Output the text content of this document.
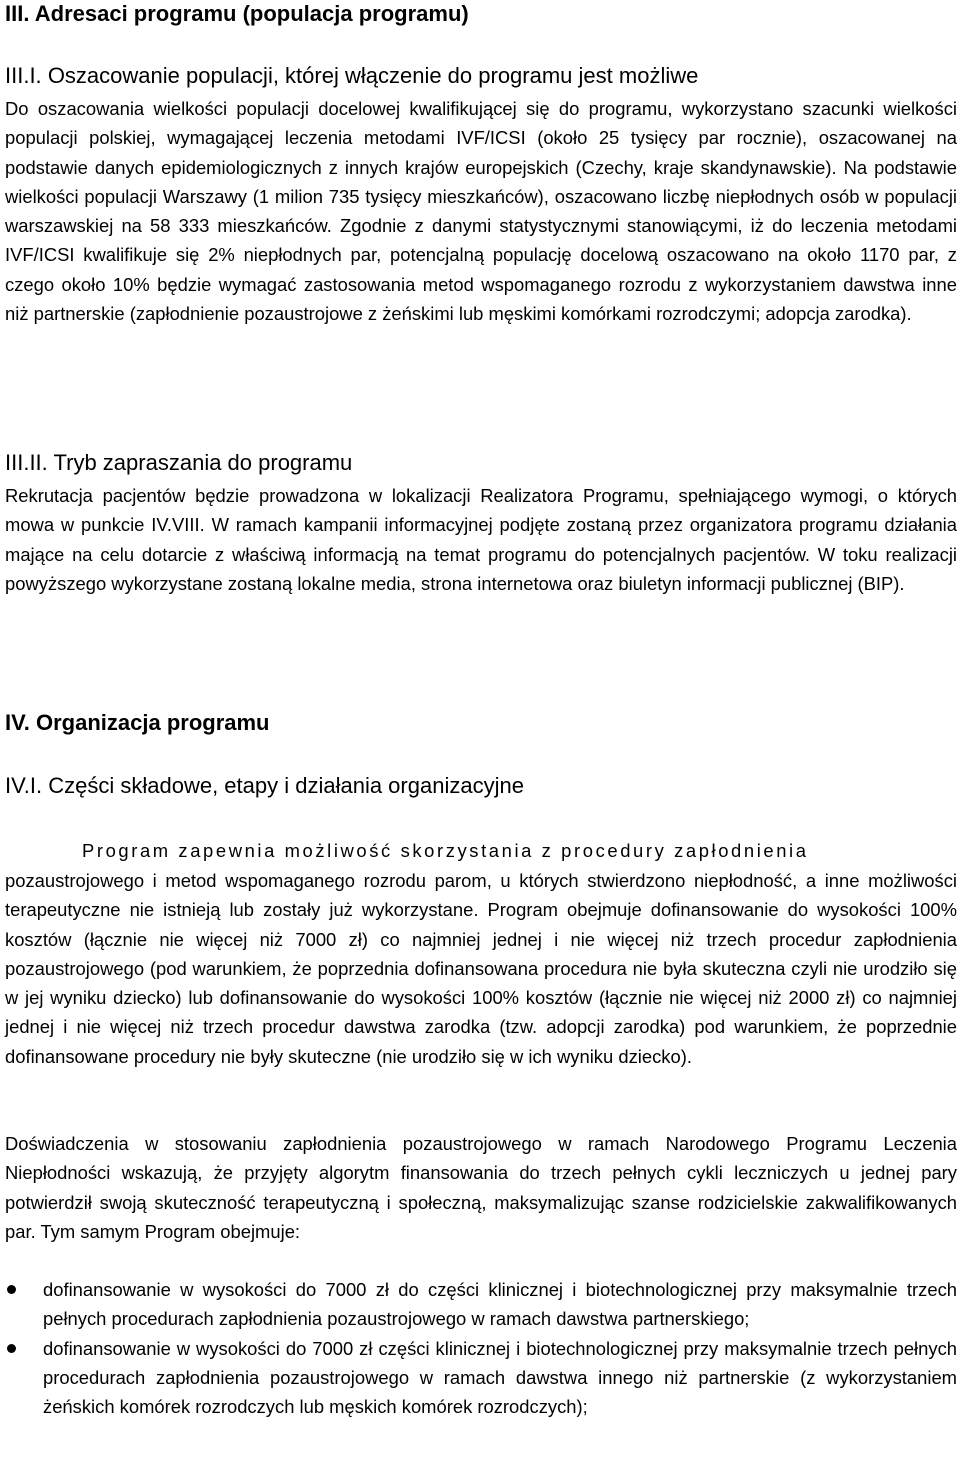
III. Adresaci programu (populacja programu)
III.I. Oszacowanie populacji, której włączenie do programu jest możliwe

Do oszacowania wielkości populacji docelowej kwalifikującej się do programu, wykorzystano szacunki wielkości populacji polskiej, wymagającej leczenia metodami IVF/ICSI (około 25 tysięcy par rocznie), oszacowanej na podstawie danych epidemiologicznych z innych krajów europejskich (Czechy, kraje skandynawskie). Na podstawie wielkości populacji Warszawy (1 milion 735 tysięcy mieszkańców), oszacowano liczbę niepłodnych osób w populacji warszawskiej na 58 333 mieszkańców. Zgodnie z danymi statystycznymi stanowiącymi, iż do leczenia metodami IVF/ICSI kwalifikuje się 2% niepłodnych par, potencjalną populację docelową oszacowano na około 1170 par, z czego około 10% będzie wymagać zastosowania metod wspomaganego rozrodu z wykorzystaniem dawstwa inne niż partnerskie (zapłodnienie pozaustrojowe z żeńskimi lub męskimi komórkami rozrodczymi; adopcja zarodka).

III.II. Tryb zapraszania do programu

Rekrutacja pacjentów będzie prowadzona w lokalizacji Realizatora Programu, spełniającego wymogi, o których mowa w punkcie IV.VIII. W ramach kampanii informacyjnej podjęte zostaną przez organizatora programu działania mające na celu dotarcie z właściwą informacją na temat programu do potencjalnych pacjentów. W toku realizacji powyższego wykorzystane zostaną lokalne media, strona internetowa oraz biuletyn informacji publicznej (BIP).

IV. Organizacja programu
IV.I. Części składowe, etapy i działania organizacyjne

Program zapewnia możliwość skorzystania z procedury zapłodnienia

pozaustrojowego i metod wspomaganego rozrodu parom, u których stwierdzono niepłodność, a inne możliwości terapeutyczne nie istnieją lub zostały już wykorzystane. Program obejmuje dofinansowanie do wysokości 100% kosztów (łącznie nie więcej niż 7000 zł) co najmniej jednej i nie więcej niż trzech procedur zapłodnienia pozaustrojowego (pod warunkiem, że poprzednia dofinansowana procedura nie była skuteczna czyli nie urodziło się w jej wyniku dziecko) lub dofinansowanie do wysokości 100% kosztów (łącznie nie więcej niż 2000 zł) co najmniej jednej i nie więcej niż trzech procedur dawstwa zarodka (tzw. adopcji zarodka) pod warunkiem, że poprzednie dofinansowane procedury nie były skuteczne (nie urodziło się w ich wyniku dziecko).

Doświadczenia w stosowaniu zapłodnienia pozaustrojowego w ramach Narodowego Programu Leczenia Niepłodności wskazują, że przyjęty algorytm finansowania do trzech pełnych cykli leczniczych u jednej pary potwierdził swoją skuteczność terapeutyczną i społeczną, maksymalizując szanse rodzicielskie zakwalifikowanych par. Tym samym Program obejmuje:

dofinansowanie w wysokości do 7000 zł do części klinicznej i biotechnologicznej przy maksymalnie trzech pełnych procedurach zapłodnienia pozaustrojowego w ramach dawstwa partnerskiego;
dofinansowanie w wysokości do 7000 zł części klinicznej i biotechnologicznej przy maksymalnie trzech pełnych procedurach zapłodnienia pozaustrojowego w ramach dawstwa innego niż partnerskie (z wykorzystaniem żeńskich komórek rozrodczych lub męskich komórek rozrodczych);
